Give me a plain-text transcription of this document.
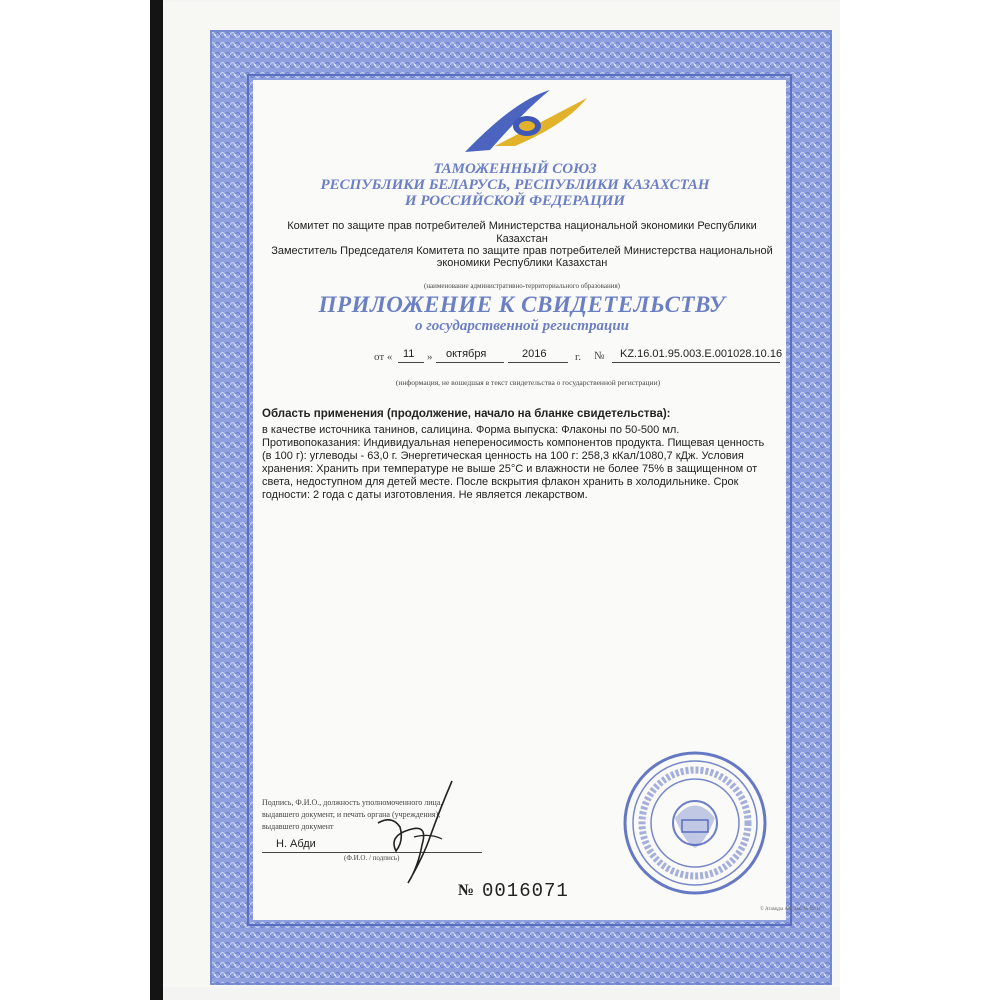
ТАМОЖЕННЫЙ СОЮЗ
РЕСПУБЛИКИ БЕЛАРУСЬ, РЕСПУБЛИКИ КАЗАХСТАН
И РОССИЙСКОЙ ФЕДЕРАЦИИ
Комитет по защите прав потребителей Министерства национальной экономики Республики
Казахстан
Заместитель Председателя Комитета по защите прав потребителей Министерства национальной
экономики Республики Казахстан
(наименование административно-территориального образования)
ПРИЛОЖЕНИЕ К СВИДЕТЕЛЬСТВУ
о государственной регистрации
от « 11 » октября	2016	г. № KZ.16.01.95.003.E.001028.10.16
(информация, не вошедшая в текст свидетельства о государственной регистрации)
Область применения (продолжение, начало на бланке свидетельства):
в качестве источника танинов, салицина. Форма выпуска: Флаконы по 50-500 мл.
Противопоказания: Индивидуальная непереносимость компонентов продукта. Пищевая ценность
(в 100 г): углеводы - 63,0 г. Энергетическая ценность на 100 г: 258,3 кКал/1080,7 кДж. Условия
хранения: Хранить при температуре не выше 25°С и влажности не более 75% в защищенном от
света, недоступном для детей месте. После вскрытия флакон хранить в холодильнике. Срок
годности: 2 года с даты изготовления. Не является лекарством.
Подпись, Ф.И.О., должность уполномоченного лица,
выдавшего документ, и печать органа (учреждения),
выдавшего документ
Н. Абди
(Ф.И.О. / подпись)
№ 0016071
© Атамұра АҚ, Зак. № 12/11
